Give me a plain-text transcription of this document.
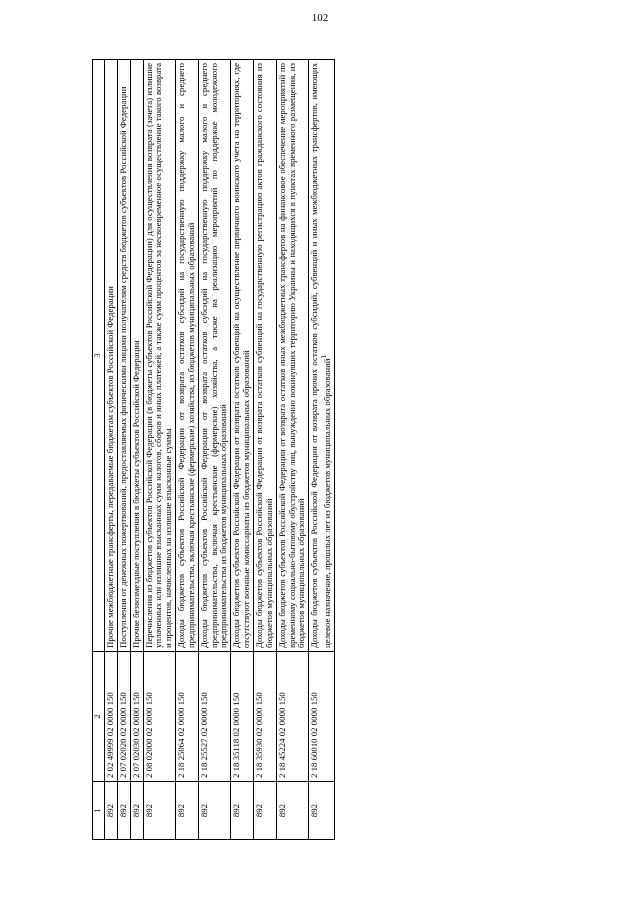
102
1	2	3
892	2 02 49999 02 0000 150	Прочие межбюджетные трансферты, передаваемые бюджетам субъектов Российской Федерации
892	2 07 02020 02 0000 150	Поступления от денежных пожертвований, предоставляемых физическими лицами получателям средств бюджетов субъектов Российской Федерации
892	2 07 02030 02 0000 150	Прочие безвозмездные поступления в бюджеты субъектов Российской Федерации
892	2 08 02000 02 0000 150	Перечисления из бюджетов субъектов Российской Федерации (в бюджеты субъектов Российской Федерации) для осуществления возврата (зачета) излишне уплаченных или излишне взысканных сумм налогов, сборов и иных платежей, а также сумм процентов за несвоевременное осуществление такого возврата и процентов, начисленных на излишне взысканные суммы
892	2 18 25064 02 0000 150	Доходы бюджетов субъектов Российской Федерации от возврата остатков субсидий на государственную поддержку малого и среднего предпринимательства, включая крестьянские (фермерские) хозяйства, из бюджетов муниципальных образований
892	2 18 25527 02 0000 150	Доходы бюджетов субъектов Российской Федерации от возврата остатков субсидий на государственную поддержку малого и среднего предпринимательства, включая крестьянские (фермерские) хозяйства, а также на реализацию мероприятий по поддержке молодежного предпринимательства из бюджетов муниципальных образований
892	2 18 35118 02 0000 150	Доходы бюджетов субъектов Российской Федерации от возврата остатков субвенций на осуществление первичного воинского учета на территориях, где отсутствуют военные комиссариаты из бюджетов муниципальных образований
892	2 18 35930 02 0000 150	Доходы бюджетов субъектов Российской Федерации от возврата остатков субвенций на государственную регистрацию актов гражданского состояния из бюджетов муниципальных образований
892	2 18 45224 02 0000 150	Доходы бюджетов субъектов Российской Федерации от возврата остатков иных межбюджетных трансфертов на финансовое обеспечение мероприятий по временному социально-бытовому обустройству лиц, вынужденно покинувших территорию Украины и находящихся в пунктах временного размещения, из бюджетов муниципальных образований
892	2 18 60010 02 0000 150	Доходы бюджетов субъектов Российской Федерации от возврата прочих остатков субсидий, субвенций и иных межбюджетных трансфертов, имеющих целевое назначение, прошлых лет из бюджетов муниципальных образований$^1$
